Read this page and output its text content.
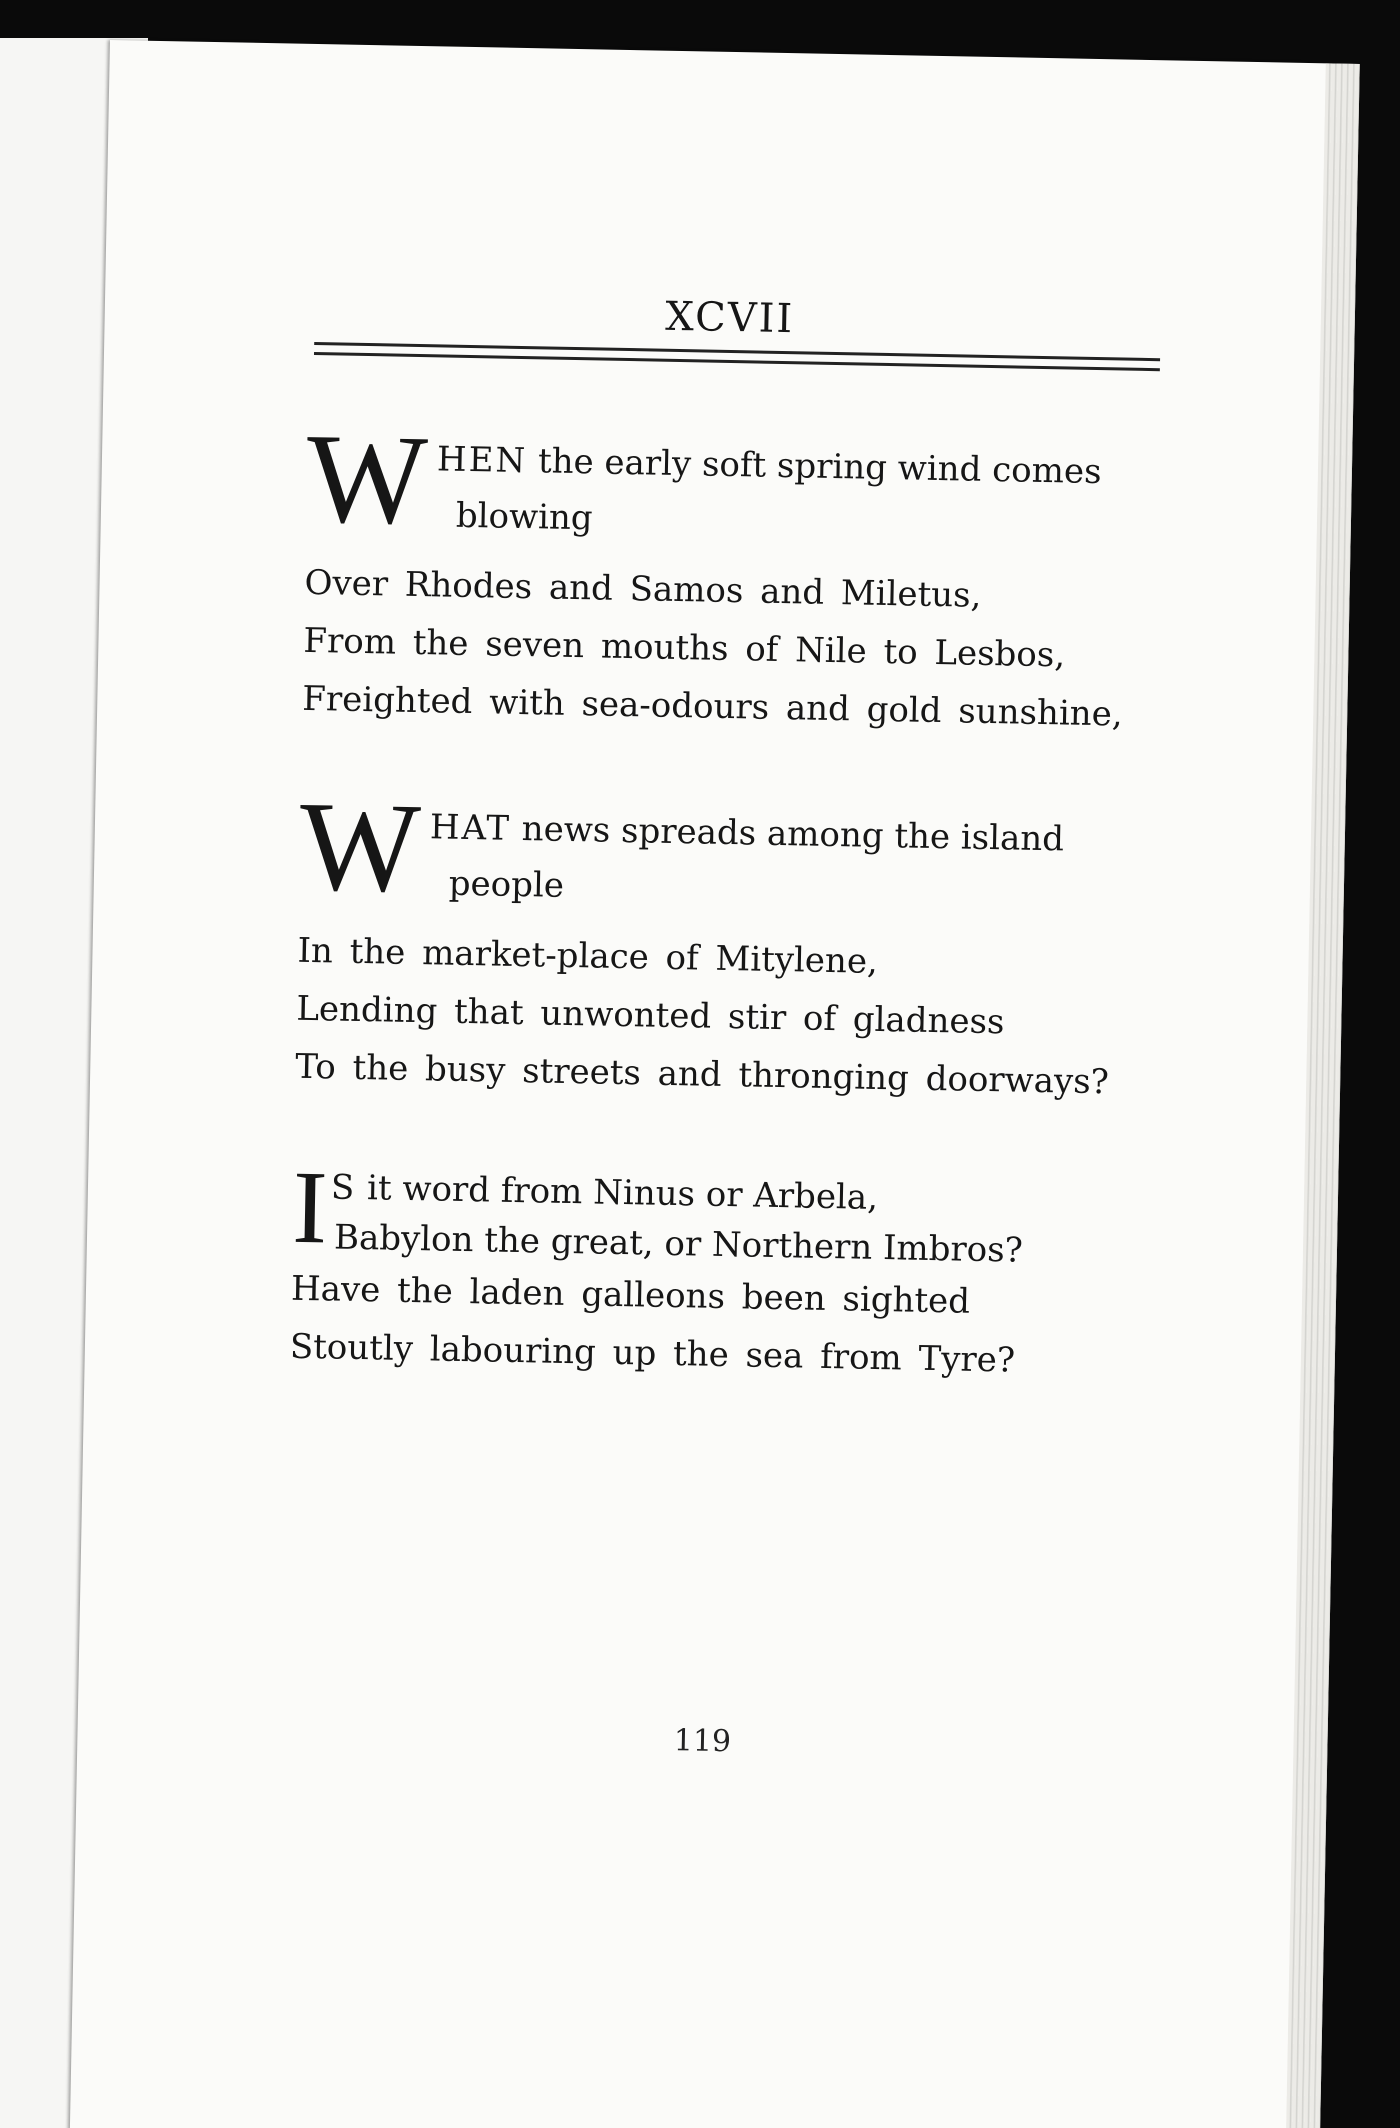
XCVII
W HEN the early soft spring wind comes
blowing
Over Rhodes and Samos and Miletus,
From the seven mouths of Nile to Lesbos,
Freighted with sea-odours and gold sunshine,
W HAT news spreads among the island
people
In the market-place of Mitylene,
Lending that unwonted stir of gladness
To the busy streets and thronging doorways?
I S it word from Ninus or Arbela,
Babylon the great, or Northern Imbros?
Have the laden galleons been sighted
Stoutly labouring up the sea from Tyre?
119
